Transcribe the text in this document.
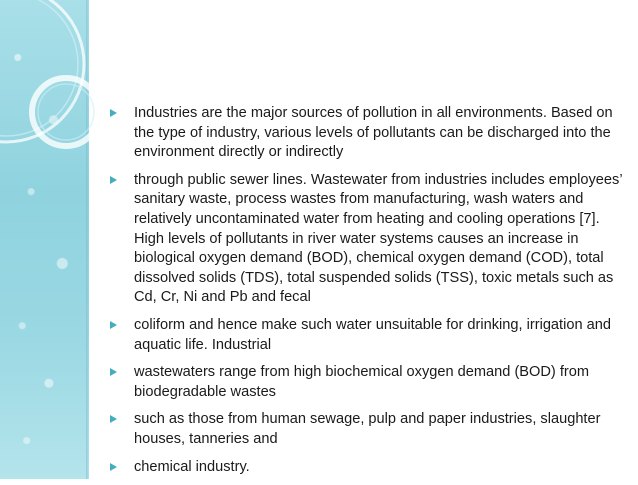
Industries are the major sources of pollution in all environments. Based on the type of industry, various levels of pollutants can be discharged into the environment directly or indirectly
through public sewer lines. Wastewater from industries includes employees’ sanitary waste, process wastes from manufacturing, wash waters and relatively uncontaminated water from heating and cooling operations [7]. High levels of pollutants in river water systems causes an increase in biological oxygen demand (BOD), chemical oxygen demand (COD), total dissolved solids (TDS), total suspended solids (TSS), toxic metals such as Cd, Cr, Ni and Pb and fecal
coliform and hence make such water unsuitable for drinking, irrigation and aquatic life. Industrial
wastewaters range from high biochemical oxygen demand (BOD) from biodegradable wastes
such as those from human sewage, pulp and paper industries, slaughter houses, tanneries and
chemical industry.
